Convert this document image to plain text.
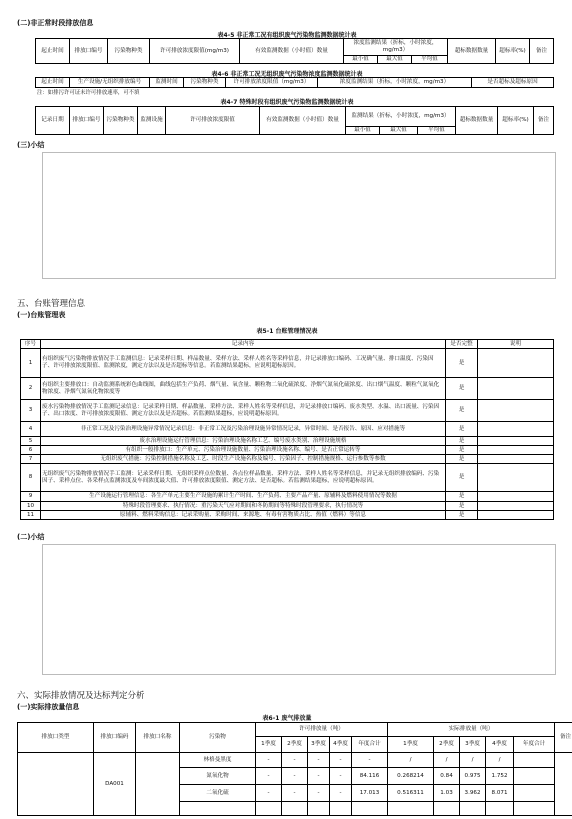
(二)非正常时段排放信息
表4-5 非正常工况有组织废气污染物监测数据统计表
起止时间	排放口编号	污染物种类	许可排放浓度限值(mg/m3)	有效监测数据（小时值）数量	浓度监测结果（折标，小时浓度，mg/m3）			超标数据数量	超标率(%)	备注
					最小值	最大值	平均值			
表4-6 非正常工况无组织废气污染物浓度监测数据统计表
起止时间	生产设施/无组织排放编号	监测时间	污染物种类	许可排放浓度限值（mg/m3）	浓度监测结果（折标，小时浓度，mg/m3）	是否超标及超标原因
注：如排污许可证未许可排放速率，可不填
表4-7 特殊时段有组织废气污染物监测数据统计表
记录日期	排放口编号	污染物种类	监测设施	许可排放浓度限值	有效监测数据（小时值）数量	监测结果（折标，小时浓度，mg/m3）			超标数据数量	超标率(%)	备注
						最小值	最大值	平均值			
(三)小结
五、台账管理信息
(一)台账管理表
表5-1 台账管理情况表
序号	记录内容	是否完整	说明
1	有组织废气污染物排放情况手工监测信息：记录采样日期、样品数量、采样方法、采样人姓名等采样信息，并记录排放口编码、工况确气量、排口温度、污染因子、许可排放浓度限值、监测浓度，测定方法以及是否超标等信息。若监测结果超标，应说明超标原因。	是	
2	有组织主要排放口：自动监测系统彩色曲线图，曲线包括生产负荷、烟气量、氧含量、颗粒物二氧化硫浓度、净烟气氮氧化硫浓度、出口烟气温度、颗粒气氮氧化物浓度、净烟气氮氧化物浓度等	是	
3	废水污染物排放情况手工监测记录信息：记录采样日期、样品数量、采样方法、采样人姓名等采样信息，并记录排放口编码、废水类型、水温、出口流量、污染因子、出口浓度、许可排放浓度限值、测定方法以及是否超标。若监测结果超标，应说明超标原因。	是	
4	非正常工况及污染治理设施异常情况记录信息：非正常工况及污染治理设施异常情况记录，异常时间、是否报告、原因、应对措施等	是	
5	废水治理设施运行管理信息：污染治理设施名称工艺、编号废水类别、治理设施规格	是	
6	有组织一般排放口：生产单元、污染治理设施数量、污染治理设施名称、编号、是否正常运转等	是	
7	无组织废气措施：污染控制措施名称及工艺、时段生产设施名称及编号、污染因子、控制措施规格、运行参数等参数	是	
8	无组织废气污染物排放情况手工监测：记录采样日期、无组织采样点位数量、各点位样品数量、采样方法、采样人姓名等采样信息，并记录无组织排放编码、污染因子、采样点位、各采样点监测浓度及车间浓度最大值、许可排放浓度限值、测定方法、是否超标。若监测结果超标，应说明超标原因。	是	
9	生产设施运行管理信息：各生产单元主要生产设施的累计生产时间、生产负荷、主要产品产量、原辅料及燃料使用情况等数据	是	
10	特殊时段管理要求、执行情况：重污染天气应对期间和冬防期间等特殊时段管理要求，执行情况等	是	
11	原辅料、燃料采购信息：记录采购量、采购时间、来源地、有毒有害物质占比、热值（燃料）等信息	是	
(二)小结
六、实际排放情况及达标判定分析
(一)实际排放量信息
表6-1 废气排放量
排放口类型	排放口编码	排放口名称	污染物	许可排放量（吨）					实际排放量（吨）					备注
				1季度	2季度	3季度	4季度	年度合计	1季度	2季度	3季度	4季度	年度合计	
	DA001		林格曼黑度	-	-	-	-	-	/	/	/	/		
			氮氧化物	-	-	-	-	84.116	0.268214	0.84	0.975	1.752		
			二氧化硫	-	-	-	-	17.013	0.516311	1.03	3.962	8.071		
